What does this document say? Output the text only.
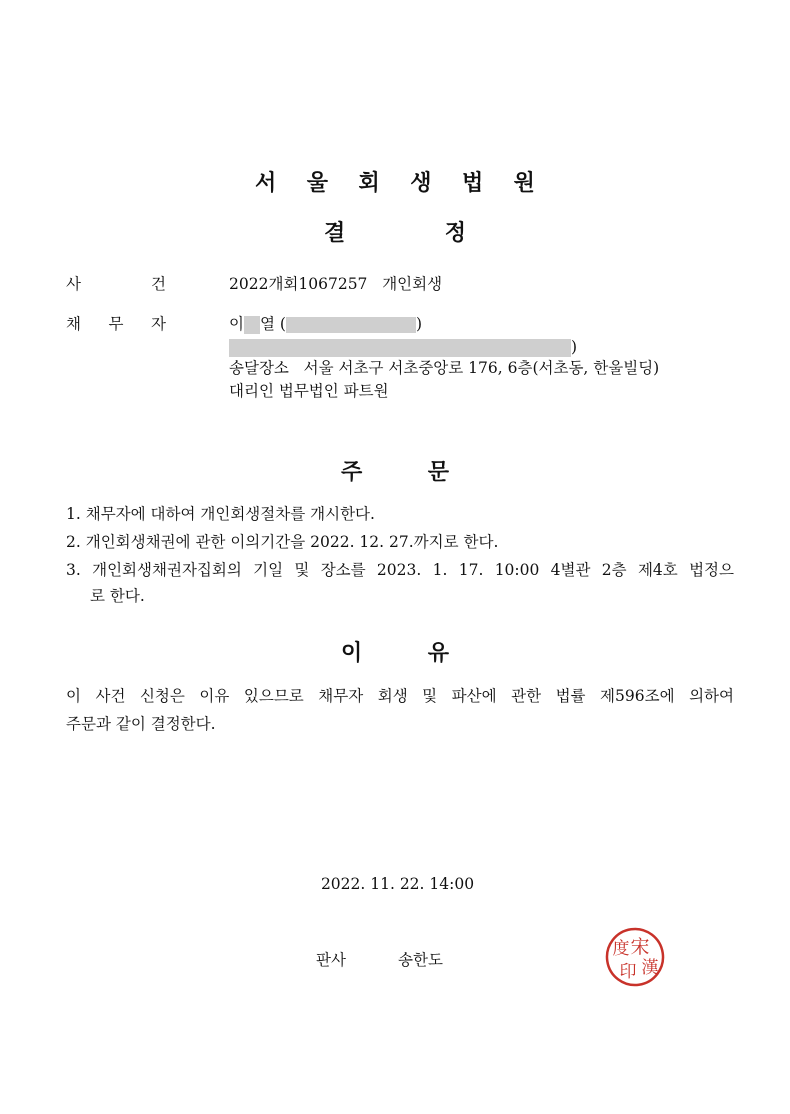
서 울 회 생 법 원
결	정
사	건	2022개회1067257   개인회생
채 무 자	이 열 (	)
)
송달장소   서울 서초구 서초중앙로 176, 6층(서초동, 한울빌딩)
대리인 법무법인 파트원
주	문
1. 채무자에 대하여 개인회생절차를 개시한다.
2. 개인회생채권에 관한 이의기간을 2022. 12. 27.까지로 한다.
3. 개인회생채권자집회의 기일 및 장소를 2023. 1. 17. 10:00 4별관 2층 제4호 법정으
로 한다.
이	유
이 사건 신청은 이유 있으므로 채무자 회생 및 파산에 관한 법률 제596조에 의하여
주문과 같이 결정한다.
2022. 11. 22. 14:00
판사	송한도
宋
漢
度
印
